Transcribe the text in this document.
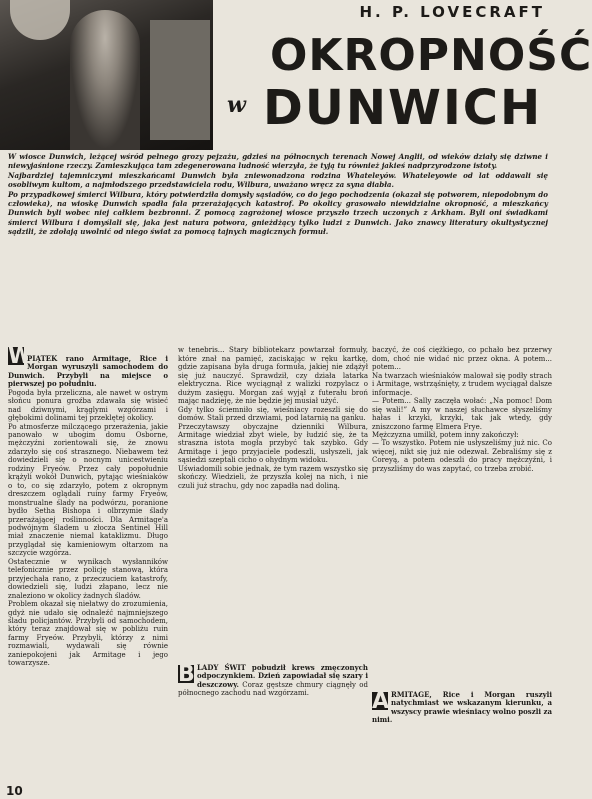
H. P. LOVECRAFT
OKROPNOŚĆ
w DUNWICH
W wiosce Dunwich, leżącej wśród pełnego grozy pejzażu, gdzieś na północnych terenach Nowej Anglii, od wieków działy się dziwne i niewyjaśnione rzeczy. Zamieszkująca tam zdegenerowana ludność wierzyła, że tyją tu również jakieś nadprzyrodzone istoty.
Najbardziej tajemniczymi mieszkańcami Dunwich byla zniewonadzona rodzina Whateleyów. Whateleyowie od lat oddawali się osobliwym kultom, a najmłodszego przedstawiciela rodu, Wilbura, uważano wręcz za syna diabła.
Po przypadkowej śmierci Wilbura, który potwierdziła domysły sąsiadów, co do jego pochodzenia (okazał się potworem, niepodobnym do człowieka), na wioskę Dunwich spadła fala przerażających katastrof. Po okolicy grasowało niewidzialne okropność, a mieszkańcy Dunwich byli wobec niej całkiem bezbronni. Z pomocą zagrożonej wiosce przyszło trzech uczonych z Arkham. Byli oni świadkami śmierci Wilbura i domyślali się, jaka jest natura potwora, gnieżdżący tylko ludzi z Dunwich. Jako znawcy literatury okultystycznej sądzili, że zdołają uwolnić od niego świat za pomocą tajnych magicznych formuł.

W

PIĄTEK rano Armitage, Rice i Morgan wyruszyli samochodem do Dunwich. Przybyli na miejsce o pierwszej po południu.
Pogoda była przeliczna, ale nawet w ostrym słońcu ponura groźba zdawała się wisieć nad dziwnymi, krąglymi wzgórzami i głębokimi dolinami tej przeklętej okolicy.
Po atmosferze milczącego przerażenia, jakie panowało w ubogim domu Osborne, mężczyźni zorientowali się, że znowu zdarzyło się coś strasznego. Niebawem też dowiedzieli się o nocnym unicestwieniu rodziny Fryeów. Przez cały popołudnie krążyli wokół Dunwich, pytając wieśniaków o to, co się zdarzyło, potem z okropnym dreszczem oglądali ruiny farmy Fryeów, monstrualne ślady na podwórzu, poranione bydło Setha Bishopa i olbrzymie ślady przerażającej roślinności. Dla Armitage'a podwójnym śladem u złocza Sentinel Hill miał znaczenie niemal kataklizmu. Długo przyglądał się kamieniowym ołtarzom na szczycie wzgórza.
Ostatecznie w wynikach wysłanników telefonicznie przez policję stanową, która przyjechała rano, z przeczuciem katastrofy, dowiedzieli się, ludzi złapano, lecz nie znaleziono w okolicy żadnych śladów.
Problem okazał się niełatwy do zrozumienia, gdyż nie udało się odnaleźć najmniejszego śladu policjantów. Przybyli od samochodem, który teraz znajdował się w pobliżu ruin farmy Fryeów. Przybyli, którzy z nimi rozmawiali, wydawali się równie zaniepokojeni jak Armitage i jego towarzysze.

w tenebris... Stary bibliotekarz powtarzał formuły, które znał na pamięć, zaciskając w ręku kartkę, gdzie zapisana była druga formuła, jakiej nie zdążył się już nauczyć. Sprawdził, czy działa latarka elektryczna. Rice wyciągnął z walizki rozpylacz o dużym zasięgu. Morgan zaś wyjął z futerału broń mając nadzieję, że nie będzie jej musiał użyć.
Gdy tylko ściemniło się, wieśniacy rozeszli się do domów. Stali przed drzwiami, pod latarnią na ganku.
Przeczytawszy obyczajne dzienniki Wilbura, Armitage wiedział zbyt wiele, by łudzić się, że ta straszna istota mogła przybyć tak szybko. Gdy Armitage i jego przyjaciele podeszli, usłyszeli, jak sąsiedzi szeptali cicho o ohydnym widoku.
Uświadomili sobie jednak, że tym razem wszystko się skończy. Wiedzieli, że przyszła kolej na nich, i nie czuli już strachu, gdy noc zapadła nad doliną.

B LADY ŚWIT pobudził krews zmęczonych odpoczynkiem. Dzień zapowiadał się szary i deszczowy. Coraz gęstsze chmury ciągnęły od północnego zachodu nad wzgórzami.

baczyć, że coś ciężkiego, co pchało bez przerwy dom, choć nie widać nic przez okna. A potem... potem...
Na twarzach wieśniaków malował się podły strach i Armitage, wstrząśnięty, z trudem wyciągał dalsze informacje.
— Potem... Sally zaczęła wołać: „Na pomoc! Dom się wali!” A my w naszej słuchawce słyszeliśmy hałas i krzyki, krzyki, tak jak wtedy, gdy zniszczono farmę Elmera Frye.
Mężczyzna umilkł, potem inny zakończył:
— To wszystko. Potem nie usłyszeliśmy już nic. Co więcej, nikt się już nie odezwał. Zebraliśmy się z Coreyą, a potem odeszli do pracy mężczyźni, i przyszliśmy do was zapytać, co trzeba zrobić.

A RMITAGE, Rice i Morgan ruszyli natychmiast we wskazanym kierunku, a wszyscy prawie wieśniacy wolno poszli za nimi.
10
